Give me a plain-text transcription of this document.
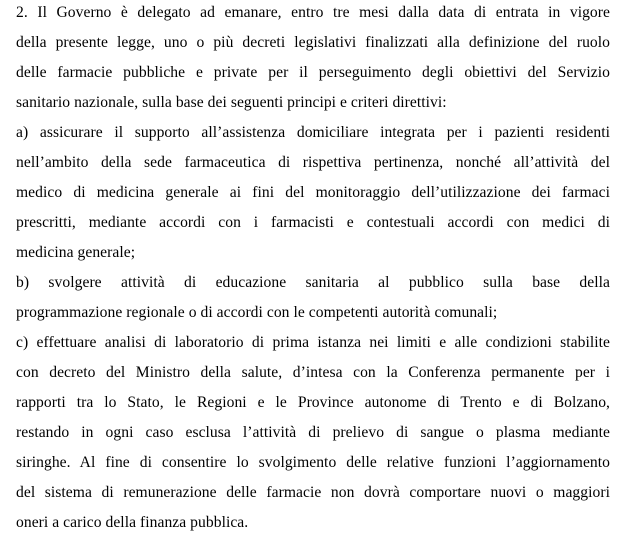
2. Il Governo è delegato ad emanare, entro tre mesi dalla data di entrata in vigore
della presente legge, uno o più decreti legislativi finalizzati alla definizione del ruolo
delle farmacie pubbliche e private per il perseguimento degli obiettivi del Servizio
sanitario nazionale, sulla base dei seguenti principi e criteri direttivi:
a) assicurare il supporto all’assistenza domiciliare integrata per i pazienti residenti
nell’ambito della sede farmaceutica di rispettiva pertinenza, nonché all’attività del
medico di medicina generale ai fini del monitoraggio dell’utilizzazione dei farmaci
prescritti, mediante accordi con i farmacisti e contestuali accordi con medici di
medicina generale;
b) svolgere attività di educazione sanitaria al pubblico sulla base della
programmazione regionale o di accordi con le competenti autorità comunali;
c) effettuare analisi di laboratorio di prima istanza nei limiti e alle condizioni stabilite
con decreto del Ministro della salute, d’intesa con la Conferenza permanente per i
rapporti tra lo Stato, le Regioni e le Province autonome di Trento e di Bolzano,
restando in ogni caso esclusa l’attività di prelievo di sangue o plasma mediante
siringhe. Al fine di consentire lo svolgimento delle relative funzioni l’aggiornamento
del sistema di remunerazione delle farmacie non dovrà comportare nuovi o maggiori
oneri a carico della finanza pubblica.
